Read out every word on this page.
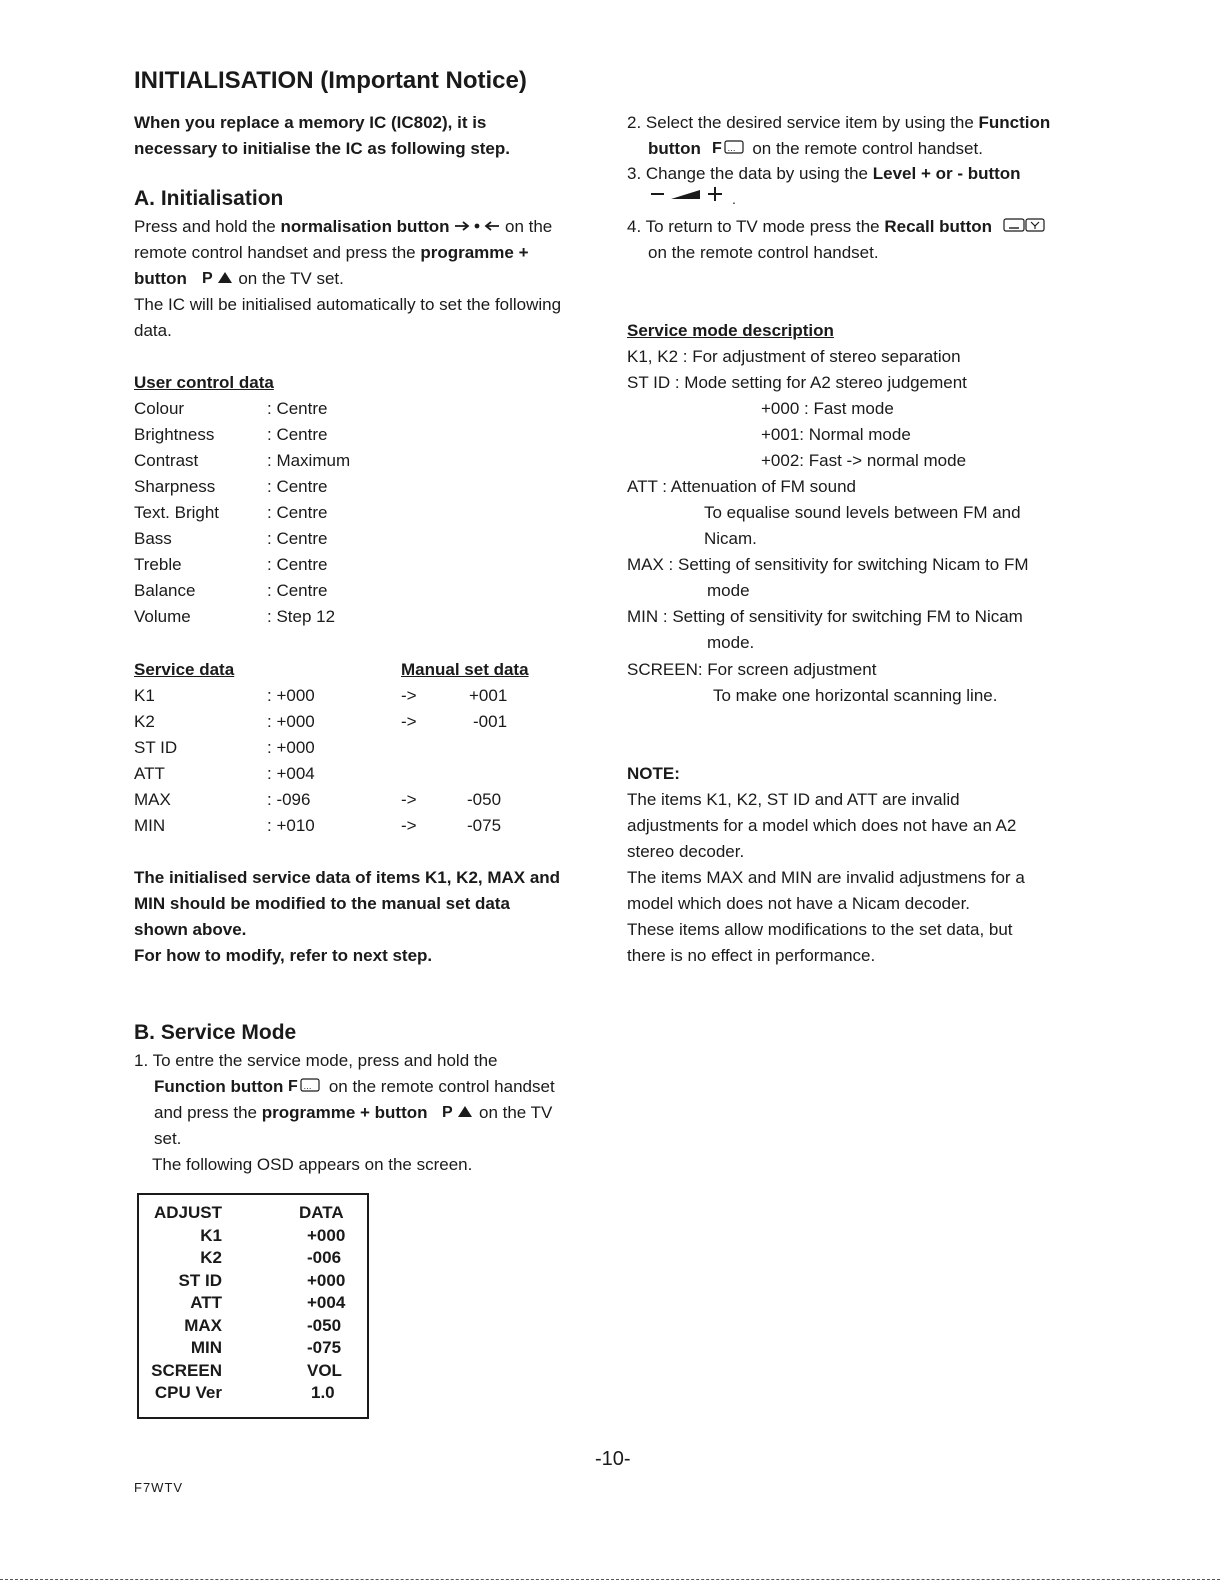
INITIALISATION (Important Notice)
When you replace a memory IC (IC802), it is
necessary to initialise the IC as following step.
A. Initialisation
Press and hold the normalisation button	on the
remote control handset and press the programme +
button P on the TV set.
The IC will be initialised automatically to set the following
data.
User control data
Colour	: Centre
Brightness	: Centre
Contrast	: Maximum
Sharpness	: Centre
Text. Bright	: Centre
Bass	: Centre
Treble	: Centre
Balance	: Centre
Volume	: Step 12
Service data	Manual set data
K1	: +000	->	+001
K2	: +000	->	-001
ST ID	: +000
ATT	: +004
MAX	: -096	->	-050
MIN	: +010	->	-075
The initialised service data of items K1, K2, MAX and
MIN should be modified to the manual set data
shown above.
For how to modify, refer to next step.
B. Service Mode
1. To entre the service mode, press and hold the
Function button F … on the remote control handset
and press the programme + button P on the TV
set.
The following OSD appears on the screen.
ADJUST	DATA
K1	+000
K2	-006
ST ID	+000
ATT	+004
MAX	-050
MIN	-075
SCREEN	VOL
CPU Ver	1.0
2. Select the desired service item by using the Function
button F … on the remote control handset.
3. Change the data by using the Level + or - button
.
4. To return to TV mode press the Recall button
on the remote control handset.
Service mode description
K1, K2 : For adjustment of stereo separation
ST ID : Mode setting for A2 stereo judgement
+000 : Fast mode
+001: Normal mode
+002: Fast -> normal mode
ATT : Attenuation of FM sound
To equalise sound levels between FM and
Nicam.
MAX : Setting of sensitivity for switching Nicam to FM
mode
MIN : Setting of sensitivity for switching FM to Nicam
mode.
SCREEN: For screen adjustment
To make one horizontal scanning line.
NOTE:
The items K1, K2, ST ID and ATT are invalid
adjustments for a model which does not have an A2
stereo decoder.
The items MAX and MIN are invalid adjustmens for a
model which does not have a Nicam decoder.
These items allow modifications to the set data, but
there is no effect in performance.
-10-
F7WTV
